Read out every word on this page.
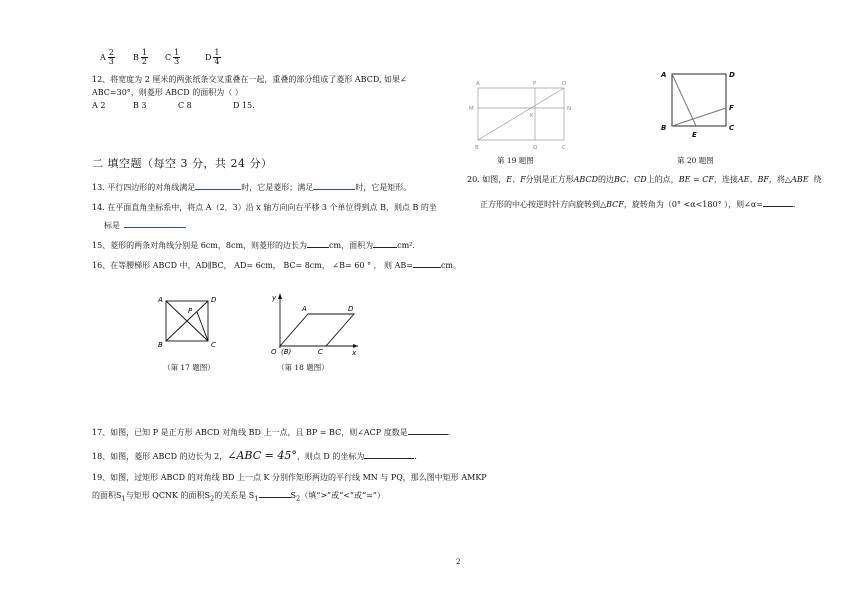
A $\frac{2}{3}$ B $\frac{1}{2}$ C $\frac{1}{3}$	D $\frac{1}{4}$
12、将宽度为 2 厘米的两张纸条交叉重叠在一起，重叠的部分组成了菱形 ABCD, 如果∠
ABC=30°，则菱形 ABCD 的面积为（ ）
A 2	B 3	C 8	D 15.
二 填空题（每空 3 分，共 24 分）
13. 平行四边形的对角线满足	时，它是菱形；满足	时，它是矩形。
14. 在平面直角坐标系中，将点 A（2，3）沿 x 轴方向向右平移 3 个单位得到点 B，则点 B 的坐
标是
15、菱形的两条对角线分别是 6cm，8cm，则菱形的边长为	cm，面积为	cm².
16、在等腰梯形 ABCD 中，AD∥BC， AD= 6cm， BC= 8cm， ∠B= 60 ° ， 则 AB=	cm。
A	D
B	C
P
（第 17 题图）
y
x
A	D
O (B)	C
（第 18 题图）
17、如图，已知 P 是正方形 ABCD 对角线 BD 上一点，且 BP = BC，则∠ACP 度数是	.
18、如图，菱形 ABCD 的边长为 2，∠ABC = 45°，则点 D 的坐标为	.
19、如图，过矩形 ABCD 的对角线 BD 上一点 K 分别作矩形两边的平行线 MN 与 PQ，那么图中矩形 AMKP
的面积$S_1$与矩形 QCNK 的面积$S_2$的关系是 $S_1$	$S_2$（填“>”或“<”或“=”）
A	P	D
M
K
N
B	Q	C
第 19 题图
A	D
F
B
E
C
第 20 题图
20. 如图，E、F分别是正方形ABCD的边BC、CD上的点，BE = CF，连接AE、BF，将△ABE 绕
正方形的中心按逆时针方向旋转到△BCF，旋转角为（0° <α<180° ），则∠α=	.
2
